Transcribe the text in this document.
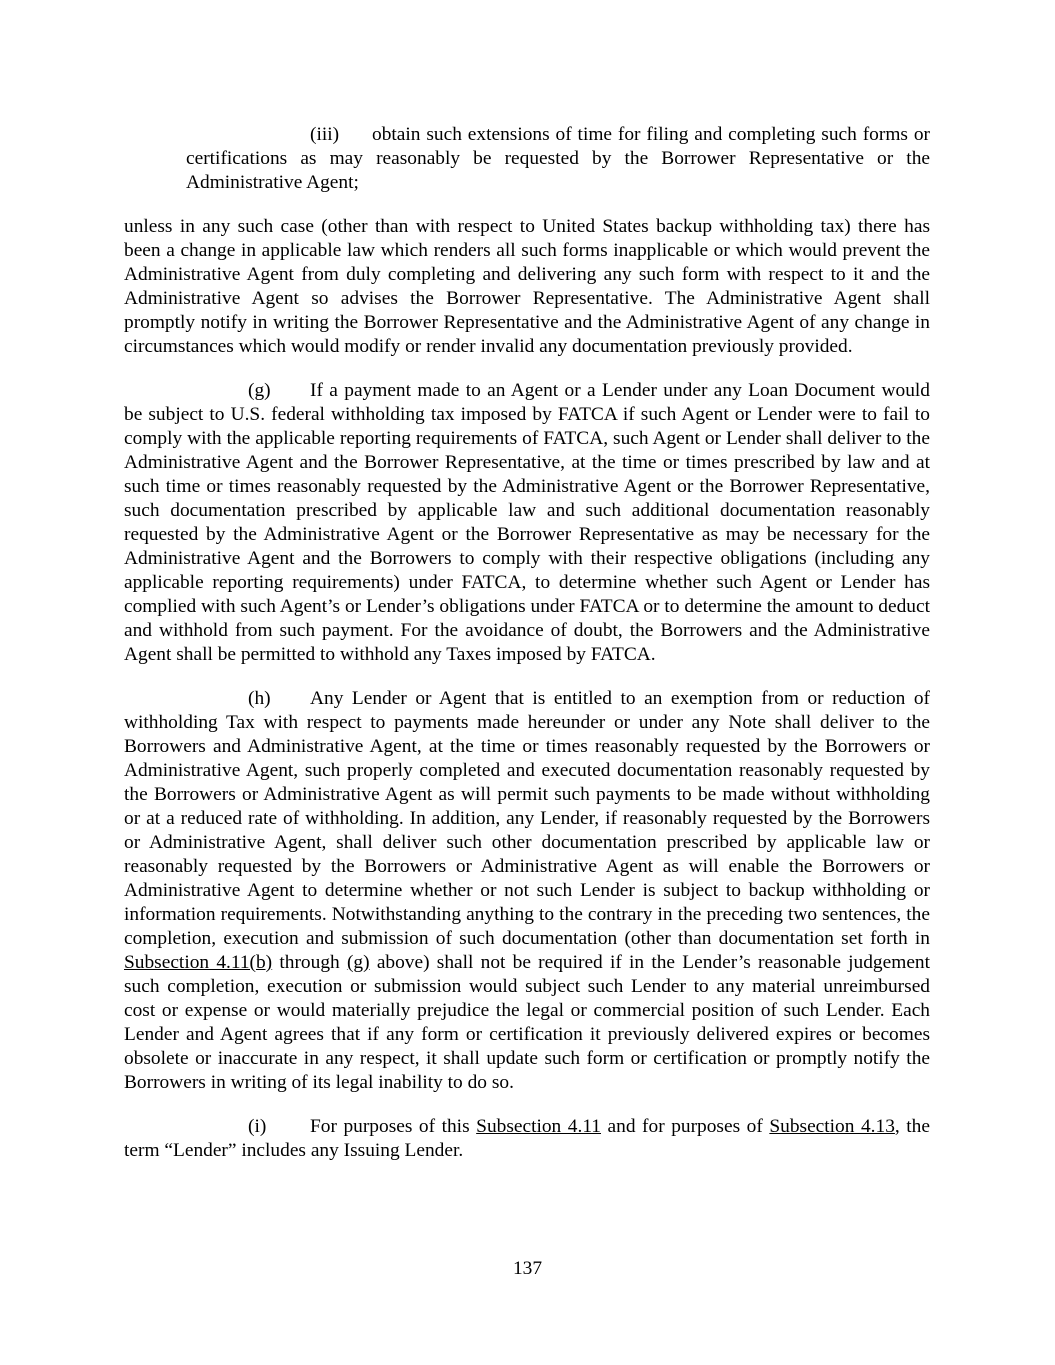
(iii) obtain such extensions of time for filing and completing such forms or certifications as may reasonably be requested by the Borrower Representative or the Administrative Agent;

unless in any such case (other than with respect to United States backup withholding tax) there has been a change in applicable law which renders all such forms inapplicable or which would prevent the Administrative Agent from duly completing and delivering any such form with respect to it and the Administrative Agent so advises the Borrower Representative. The Administrative Agent shall promptly notify in writing the Borrower Representative and the Administrative Agent of any change in circumstances which would modify or render invalid any documentation previously provided.

(g) If a payment made to an Agent or a Lender under any Loan Document would be subject to U.S. federal withholding tax imposed by FATCA if such Agent or Lender were to fail to comply with the applicable reporting requirements of FATCA, such Agent or Lender shall deliver to the Administrative Agent and the Borrower Representative, at the time or times prescribed by law and at such time or times reasonably requested by the Administrative Agent or the Borrower Representative, such documentation prescribed by applicable law and such additional documentation reasonably requested by the Administrative Agent or the Borrower Representative as may be necessary for the Administrative Agent and the Borrowers to comply with their respective obligations (including any applicable reporting requirements) under FATCA, to determine whether such Agent or Lender has complied with such Agent’s or Lender’s obligations under FATCA or to determine the amount to deduct and withhold from such payment. For the avoidance of doubt, the Borrowers and the Administrative Agent shall be permitted to withhold any Taxes imposed by FATCA.

(h) Any Lender or Agent that is entitled to an exemption from or reduction of withholding Tax with respect to payments made hereunder or under any Note shall deliver to the Borrowers and Administrative Agent, at the time or times reasonably requested by the Borrowers or Administrative Agent, such properly completed and executed documentation reasonably requested by the Borrowers or Administrative Agent as will permit such payments to be made without withholding or at a reduced rate of withholding. In addition, any Lender, if reasonably requested by the Borrowers or Administrative Agent, shall deliver such other documentation prescribed by applicable law or reasonably requested by the Borrowers or Administrative Agent as will enable the Borrowers or Administrative Agent to determine whether or not such Lender is subject to backup withholding or information requirements. Notwithstanding anything to the contrary in the preceding two sentences, the completion, execution and submission of such documentation (other than documentation set forth in Subsection 4.11(b) through (g) above) shall not be required if in the Lender’s reasonable judgement such completion, execution or submission would subject such Lender to any material unreimbursed cost or expense or would materially prejudice the legal or commercial position of such Lender. Each Lender and Agent agrees that if any form or certification it previously delivered expires or becomes obsolete or inaccurate in any respect, it shall update such form or certification or promptly notify the Borrowers in writing of its legal inability to do so.

(i) For purposes of this Subsection 4.11 and for purposes of Subsection 4.13, the term “Lender” includes any Issuing Lender.

137
